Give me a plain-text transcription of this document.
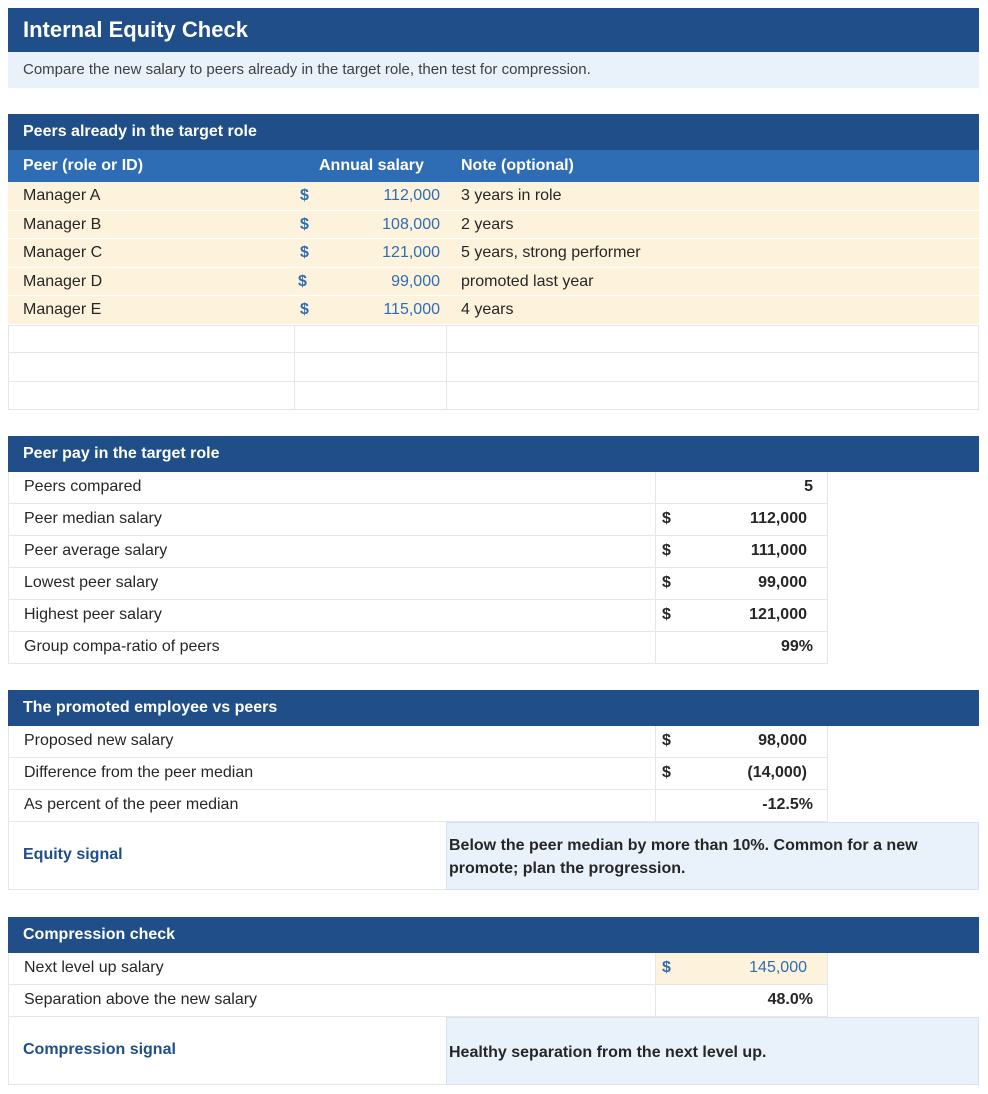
Internal Equity Check
Compare the new salary to peers already in the target role, then test for compression.
Peers already in the target role
Peer (role or ID)	Annual salary Note (optional)
Manager A	$	112,000 3 years in role
Manager B	$	108,000 2 years
Manager C	$	121,000 5 years, strong performer
Manager D	$	99,000 promoted last year
Manager E	$	115,000 4 years
Peer pay in the target role
Peers compared	5
Peer median salary	$	112,000
Peer average salary	$	111,000
Lowest peer salary	$	99,000
Highest peer salary	$	121,000
Group compa-ratio of peers	99%
The promoted employee vs peers
Proposed new salary	$	98,000
Difference from the peer median	$	(14,000)
As percent of the peer median	-12.5%
Equity signal
Below the peer median by more than 10%. Common for a new promote; plan the progression.
Compression check
Next level up salary	$	145,000
Separation above the new salary	48.0%
Compression signal	Healthy separation from the next level up.
